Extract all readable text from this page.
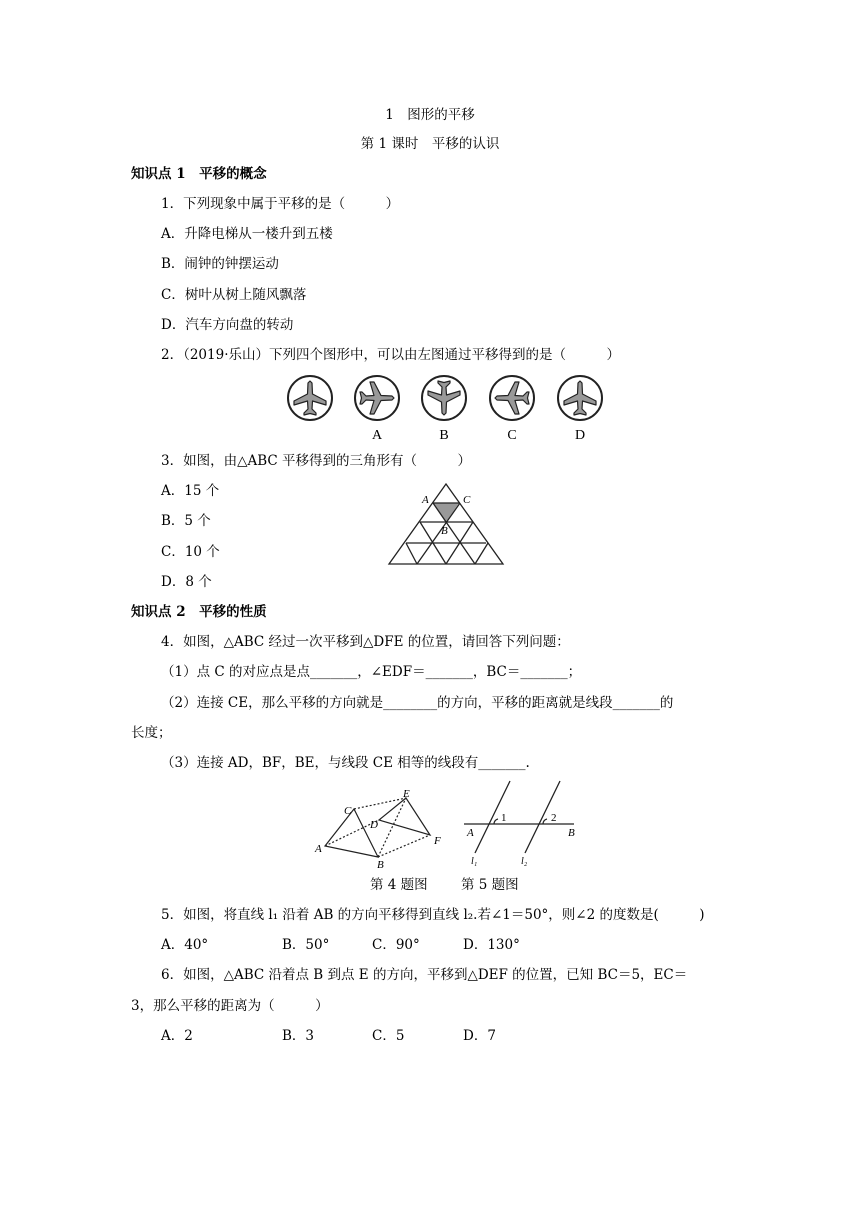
1　图形的平移
第 1 课时　平移的认识
知识点 1　平移的概念
1．下列现象中属于平移的是（　　　）
A．升降电梯从一楼升到五楼
B．闹钟的钟摆运动
C．树叶从树上随风飘落
D．汽车方向盘的转动
2．（2019·乐山）下列四个图形中，可以由左图通过平移得到的是（　　　）
A	B	C	D
3．如图，由△ABC 平移得到的三角形有（　　　）
A．15 个
B．5 个
C．10 个
D．8 个
A	C
B
知识点 2　平移的性质
4．如图，△ABC 经过一次平移到△DFE 的位置，请回答下列问题：
（1）点 C 的对应点是点_______，∠EDF＝_______，BC＝_______；
（2）连接 CE，那么平移的方向就是________的方向，平移的距离就是线段_______的
长度；
（3）连接 AD，BF，BE，与线段 CE 相等的线段有_______.
C
E
D
A
B
F
1	2
A	B
l₁	l₂
第 4 题图 第 5 题图
5．如图，将直线 l₁ 沿着 AB 的方向平移得到直线 l₂.若∠1＝50°，则∠2 的度数是(　　　)
A．40°	B．50°	C．90°	D．130°
6．如图，△ABC 沿着点 B 到点 E 的方向，平移到△DEF 的位置，已知 BC＝5，EC＝
3，那么平移的距离为（　　　）
A．2	B．3	C．5	D．7
